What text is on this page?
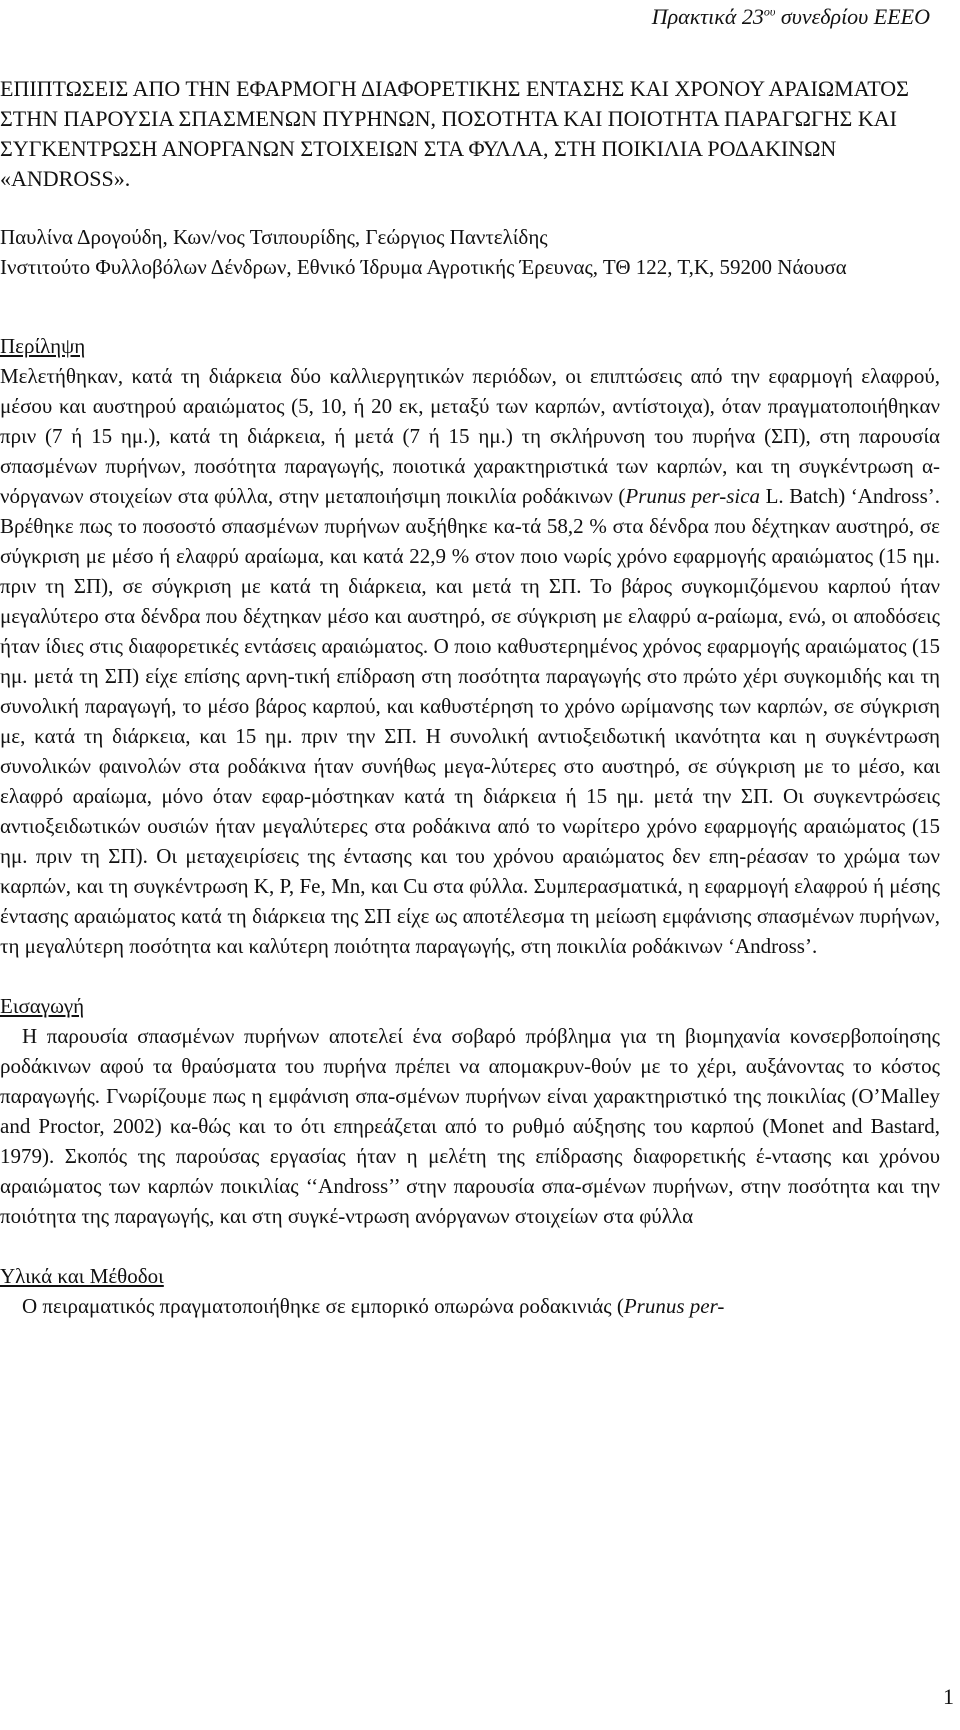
Πρακτικά $23^{o\upsilon}$ συνεδρίου ΕΕΕΟ
ΕΠΙΠΤΩΣΕΙΣ ΑΠΟ ΤΗΝ ΕΦΑΡΜΟΓΗ ΔΙΑΦΟΡΕΤΙΚΗΣ ΕΝΤΑΣΗΣ ΚΑΙ ΧΡΟΝΟΥ ΑΡΑΙΩΜΑΤΟΣ ΣΤΗΝ ΠΑΡΟΥΣΙΑ ΣΠΑΣΜΕΝΩΝ ΠΥΡΗΝΩΝ, ΠΟΣΟΤΗΤΑ ΚΑΙ ΠΟΙΟΤΗΤΑ ΠΑΡΑΓΩΓΗΣ ΚΑΙ ΣΥΓΚΕΝΤΡΩΣΗ ΑΝΟΡΓΑΝΩΝ ΣΤΟΙΧΕΙΩΝ ΣΤΑ ΦΥΛΛΑ, ΣΤΗ ΠΟΙΚΙΛΙΑ ΡΟΔΑΚΙΝΩΝ «ANDROSS».
Παυλίνα Δρογούδη, Κων/νος Τσιπουρίδης, Γεώργιος Παντελίδης
Ινστιτούτο Φυλλοβόλων Δένδρων, Εθνικό Ίδρυμα Αγροτικής Έρευνας, ΤΘ 122, Τ,Κ, 59200 Νάουσα
Περίληψη

Μελετήθηκαν, κατά τη διάρκεια δύο καλλιεργητικών περιόδων, οι επιπτώσεις από την εφαρμογή ελαφρού, μέσου και αυστηρού αραιώματος (5, 10, ή 20 εκ, μεταξύ των καρπών, αντίστοιχα), όταν πραγματοποιήθηκαν πριν (7 ή 15 ημ.), κατά τη διάρκεια, ή μετά (7 ή 15 ημ.) τη σκλήρυνση του πυρήνα (ΣΠ), στη παρουσία σπασμένων πυρήνων, ποσότητα παραγωγής, ποιοτικά χαρακτηριστικά των καρπών, και τη συγκέντρωση α-νόργανων στοιχείων στα φύλλα, στην μεταποιήσιμη ποικιλία ροδάκινων (Prunus per-sica L. Batch) ‘Andross’. Βρέθηκε πως το ποσοστό σπασμένων πυρήνων αυξήθηκε κα-τά 58,2 % στα δένδρα που δέχτηκαν αυστηρό, σε σύγκριση με μέσο ή ελαφρύ αραίωμα, και κατά 22,9 % στον ποιο νωρίς χρόνο εφαρμογής αραιώματος (15 ημ. πριν τη ΣΠ), σε σύγκριση με κατά τη διάρκεια, και μετά τη ΣΠ. Το βάρος συγκομιζόμενου καρπού ήταν μεγαλύτερο στα δένδρα που δέχτηκαν μέσο και αυστηρό, σε σύγκριση με ελαφρύ α-ραίωμα, ενώ, οι αποδόσεις ήταν ίδιες στις διαφορετικές εντάσεις αραιώματος. Ο ποιο καθυστερημένος χρόνος εφαρμογής αραιώματος (15 ημ. μετά τη ΣΠ) είχε επίσης αρνη-τική επίδραση στη ποσότητα παραγωγής στο πρώτο χέρι συγκομιδής και τη συνολική παραγωγή, το μέσο βάρος καρπού, και καθυστέρηση το χρόνο ωρίμανσης των καρπών, σε σύγκριση με, κατά τη διάρκεια, και 15 ημ. πριν την ΣΠ. Η συνολική αντιοξειδωτική ικανότητα και η συγκέντρωση συνολικών φαινολών στα ροδάκινα ήταν συνήθως μεγα-λύτερες στο αυστηρό, σε σύγκριση με το μέσο, και ελαφρό αραίωμα, μόνο όταν εφαρ-μόστηκαν κατά τη διάρκεια ή 15 ημ. μετά την ΣΠ. Οι συγκεντρώσεις αντιοξειδωτικών ουσιών ήταν μεγαλύτερες στα ροδάκινα από το νωρίτερο χρόνο εφαρμογής αραιώματος (15 ημ. πριν τη ΣΠ). Οι μεταχειρίσεις της έντασης και του χρόνου αραιώματος δεν επη-ρέασαν το χρώμα των καρπών, και τη συγκέντρωση K, P, Fe, Mn, και Cu στα φύλλα. Συμπερασματικά, η εφαρμογή ελαφρού ή μέσης έντασης αραιώματος κατά τη διάρκεια της ΣΠ είχε ως αποτέλεσμα τη μείωση εμφάνισης σπασμένων πυρήνων, τη μεγαλύτερη ποσότητα και καλύτερη ποιότητα παραγωγής, στη ποικιλία ροδάκινων ‘Andross’.

Εισαγωγή

Η παρουσία σπασμένων πυρήνων αποτελεί ένα σοβαρό πρόβλημα για τη βιομηχανία κονσερβοποίησης ροδάκινων αφού τα θραύσματα του πυρήνα πρέπει να απομακρυν-θούν με το χέρι, αυξάνοντας το κόστος παραγωγής. Γνωρίζουμε πως η εμφάνιση σπα-σμένων πυρήνων είναι χαρακτηριστικό της ποικιλίας (O’Malley and Proctor, 2002) κα-θώς και το ότι επηρεάζεται από το ρυθμό αύξησης του καρπού (Monet and Bastard, 1979). Σκοπός της παρούσας εργασίας ήταν η μελέτη της επίδρασης διαφορετικής έ-ντασης και χρόνου αραιώματος των καρπών ποικιλίας ‘‘Andross’’ στην παρουσία σπα-σμένων πυρήνων, στην ποσότητα και την ποιότητα της παραγωγής, και στη συγκέ-ντρωση ανόργανων στοιχείων στα φύλλα

Υλικά και Μέθοδοι

Ο πειραματικός πραγματοποιήθηκε σε εμπορικό οπωρώνα ροδακινιάς (Prunus per-

1
